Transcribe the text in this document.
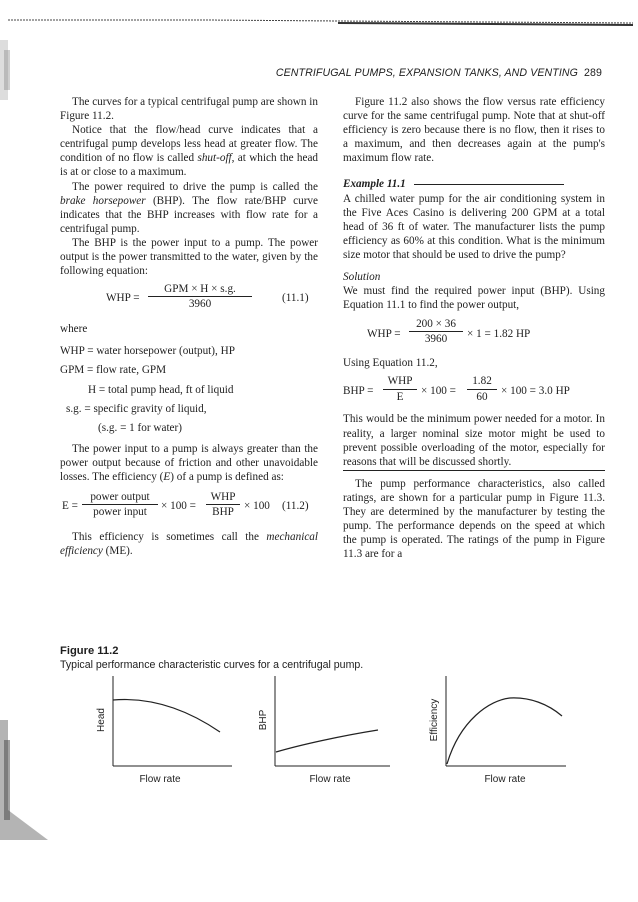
CENTRIFUGAL PUMPS, EXPANSION TANKS, AND VENTING 289

The curves for a typical centrifugal pump are shown in Figure 11.2.

Notice that the flow/head curve indicates that a centrifugal pump develops less head at greater flow. The condition of no flow is called shut-off, at which the head is at or close to a maximum.

The power required to drive the pump is called the brake horsepower (BHP). The flow rate/BHP curve indicates that the BHP increases with flow rate for a centrifugal pump.

The BHP is the power input to a pump. The power output is the power transmitted to the water, given by the following equation:

WHP =
GPM × H × s.g.
3960
(11.1)

where

WHP = water horsepower (output), HP
GPM = flow rate, GPM
H = total pump head, ft of liquid
s.g. = specific gravity of liquid,
(s.g. = 1 for water)

The power input to a pump is always greater than the power output because of friction and other unavoidable losses. The efficiency (E) of a pump is defined as:

E =
power output
power input
× 100 =
WHP
BHP
× 100 (11.2)

This efficiency is sometimes call the mechanical efficiency (ME).

Figure 11.2 also shows the flow versus rate efficiency curve for the same centrifugal pump. Note that at shut-off efficiency is zero because there is no flow, then it rises to a maximum, and then decreases again at the pump's maximum flow rate.

Example 11.1

A chilled water pump for the air conditioning system in the Five Aces Casino is delivering 200 GPM at a total head of 36 ft of water. The manufacturer lists the pump efficiency as 60% at this condition. What is the minimum size motor that should be used to drive the pump?

Solution

We must find the required power input (BHP). Using Equation 11.1 to find the power output,

WHP = $\frac{200 \times 36}{3960} \times 1 = 1.82$ HP
Using Equation 11.2,
BHP =
WHP
E	× $100 = \frac{1.82}{60} \times 100 = 3.0$ HP

This would be the minimum power needed for a motor. In reality, a larger nominal size motor might be used to prevent possible overloading of the motor, especially for reasons that will be discussed shortly.

The pump performance characteristics, also called ratings, are shown for a particular pump in Figure 11.3. They are determined by the manufacturer by testing the pump. The performance depends on the speed at which the pump is operated. The ratings of the pump in Figure 11.3 are for a

Figure 11.2
Typical performance characteristic curves for a centrifugal pump.
Head
Flow rate
BHP
Flow rate
Efficiency
Flow rate
